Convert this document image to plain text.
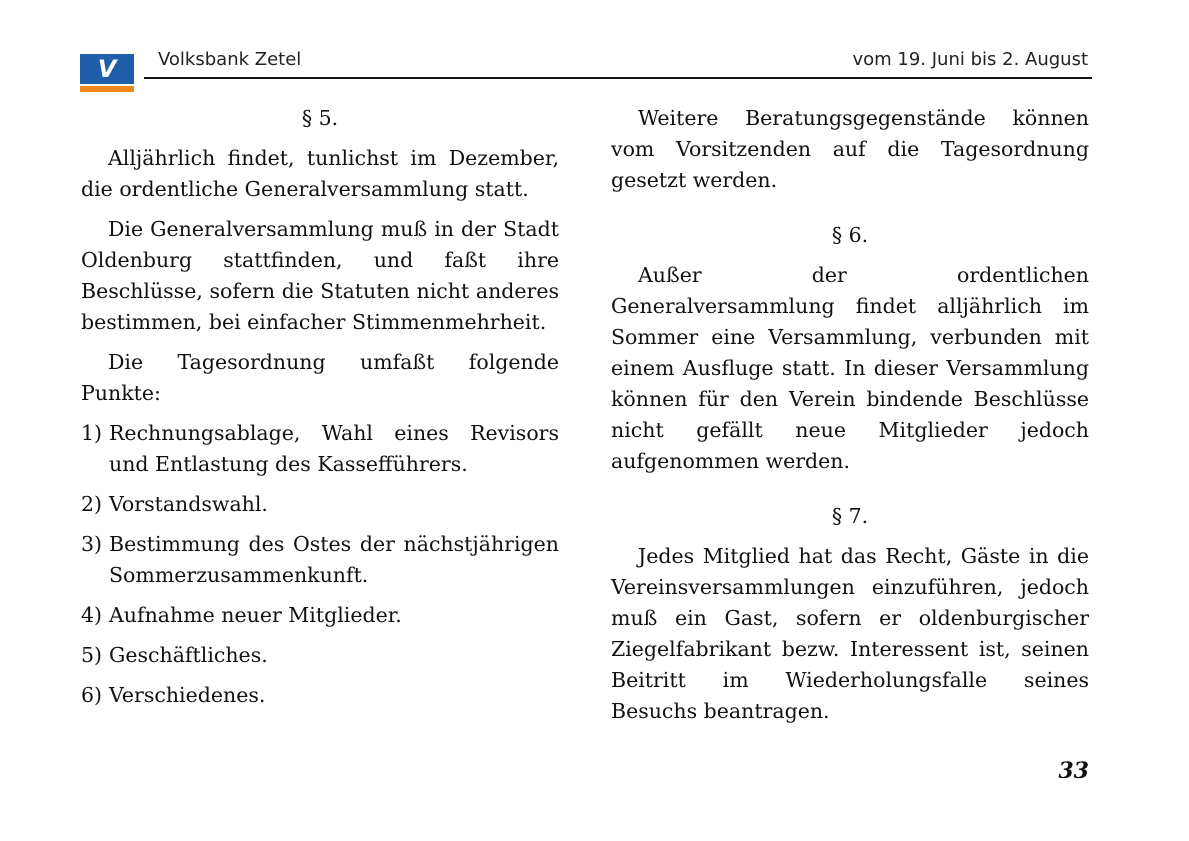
V	Volksbank Zetel	vom 19. Juni bis 2. August
§ 5.

Alljährlich findet, tunlichst im Dezember, die ordentliche Generalversammlung statt.

Die Generalversammlung muß in der Stadt Oldenburg stattfinden, und faßt ihre Beschlüsse, sofern die Statuten nicht anderes bestimmen, bei einfacher Stimmenmehrheit.

Die Tagesordnung umfaßt folgende Punkte:

1) Rechnungsablage, Wahl eines Revisors und Entlastung des Kassefführers.
2) Vorstandswahl.
3) Bestimmung des Ostes der nächstjährigen Sommerzusammenkunft.
4) Aufnahme neuer Mitglieder.
5) Geschäftliches.
6) Verschiedenes.

Weitere Beratungsgegenstände können vom Vorsitzenden auf die Tagesordnung gesetzt werden.

§ 6.

Außer der ordentlichen Generalversammlung findet alljährlich im Sommer eine Versammlung, verbunden mit einem Ausfluge statt. In dieser Versammlung können für den Verein bindende Beschlüsse nicht gefällt neue Mitglieder jedoch aufgenommen werden.

§ 7.

Jedes Mitglied hat das Recht, Gäste in die Vereinsversammlungen einzuführen, jedoch muß ein Gast, sofern er oldenburgischer Ziegelfabrikant bezw. Interessent ist, seinen Beitritt im Wiederholungsfalle seines Besuchs beantragen.

33
